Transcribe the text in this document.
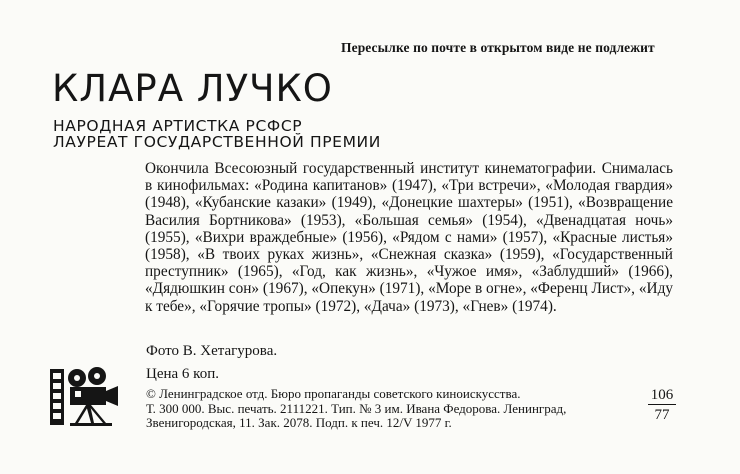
Пересылке по почте в открытом виде не подлежит
КЛАРА ЛУЧКО
НАРОДНАЯ АРТИСТКА РСФСР
ЛАУРЕАТ ГОСУДАРСТВЕННОЙ ПРЕМИИ

Окончила Всесоюзный государственный институт кинематографии. Снималась в кинофильмах: «Родина капитанов» (1947), «Три встречи», «Молодая гвардия» (1948), «Кубанские казаки» (1949), «Донецкие шахтеры» (1951), «Возвращение Василия Бортникова» (1953), «Большая семья» (1954), «Двенадцатая ночь» (1955), «Вихри враждебные» (1956), «Рядом с нами» (1957), «Красные листья» (1958), «В твоих руках жизнь», «Снежная сказка» (1959), «Государственный преступник» (1965), «Год, как жизнь», «Чужое имя», «Заблудший» (1966), «Дядюшкин сон» (1967), «Опекун» (1971), «Море в огне», «Ференц Лист», «Иду к тебе», «Горячие тропы» (1972), «Дача» (1973), «Гнев» (1974).

Фото В. Хетагурова.
Цена 6 коп.
© Ленинградское отд. Бюро пропаганды советского киноискусства.
Т. 300 000. Выс. печать. 2111221. Тип. № 3 им. Ивана Федорова. Ленинград,
Звенигородская, 11. Зак. 2078. Подп. к печ. 12/V 1977 г.
106
77
